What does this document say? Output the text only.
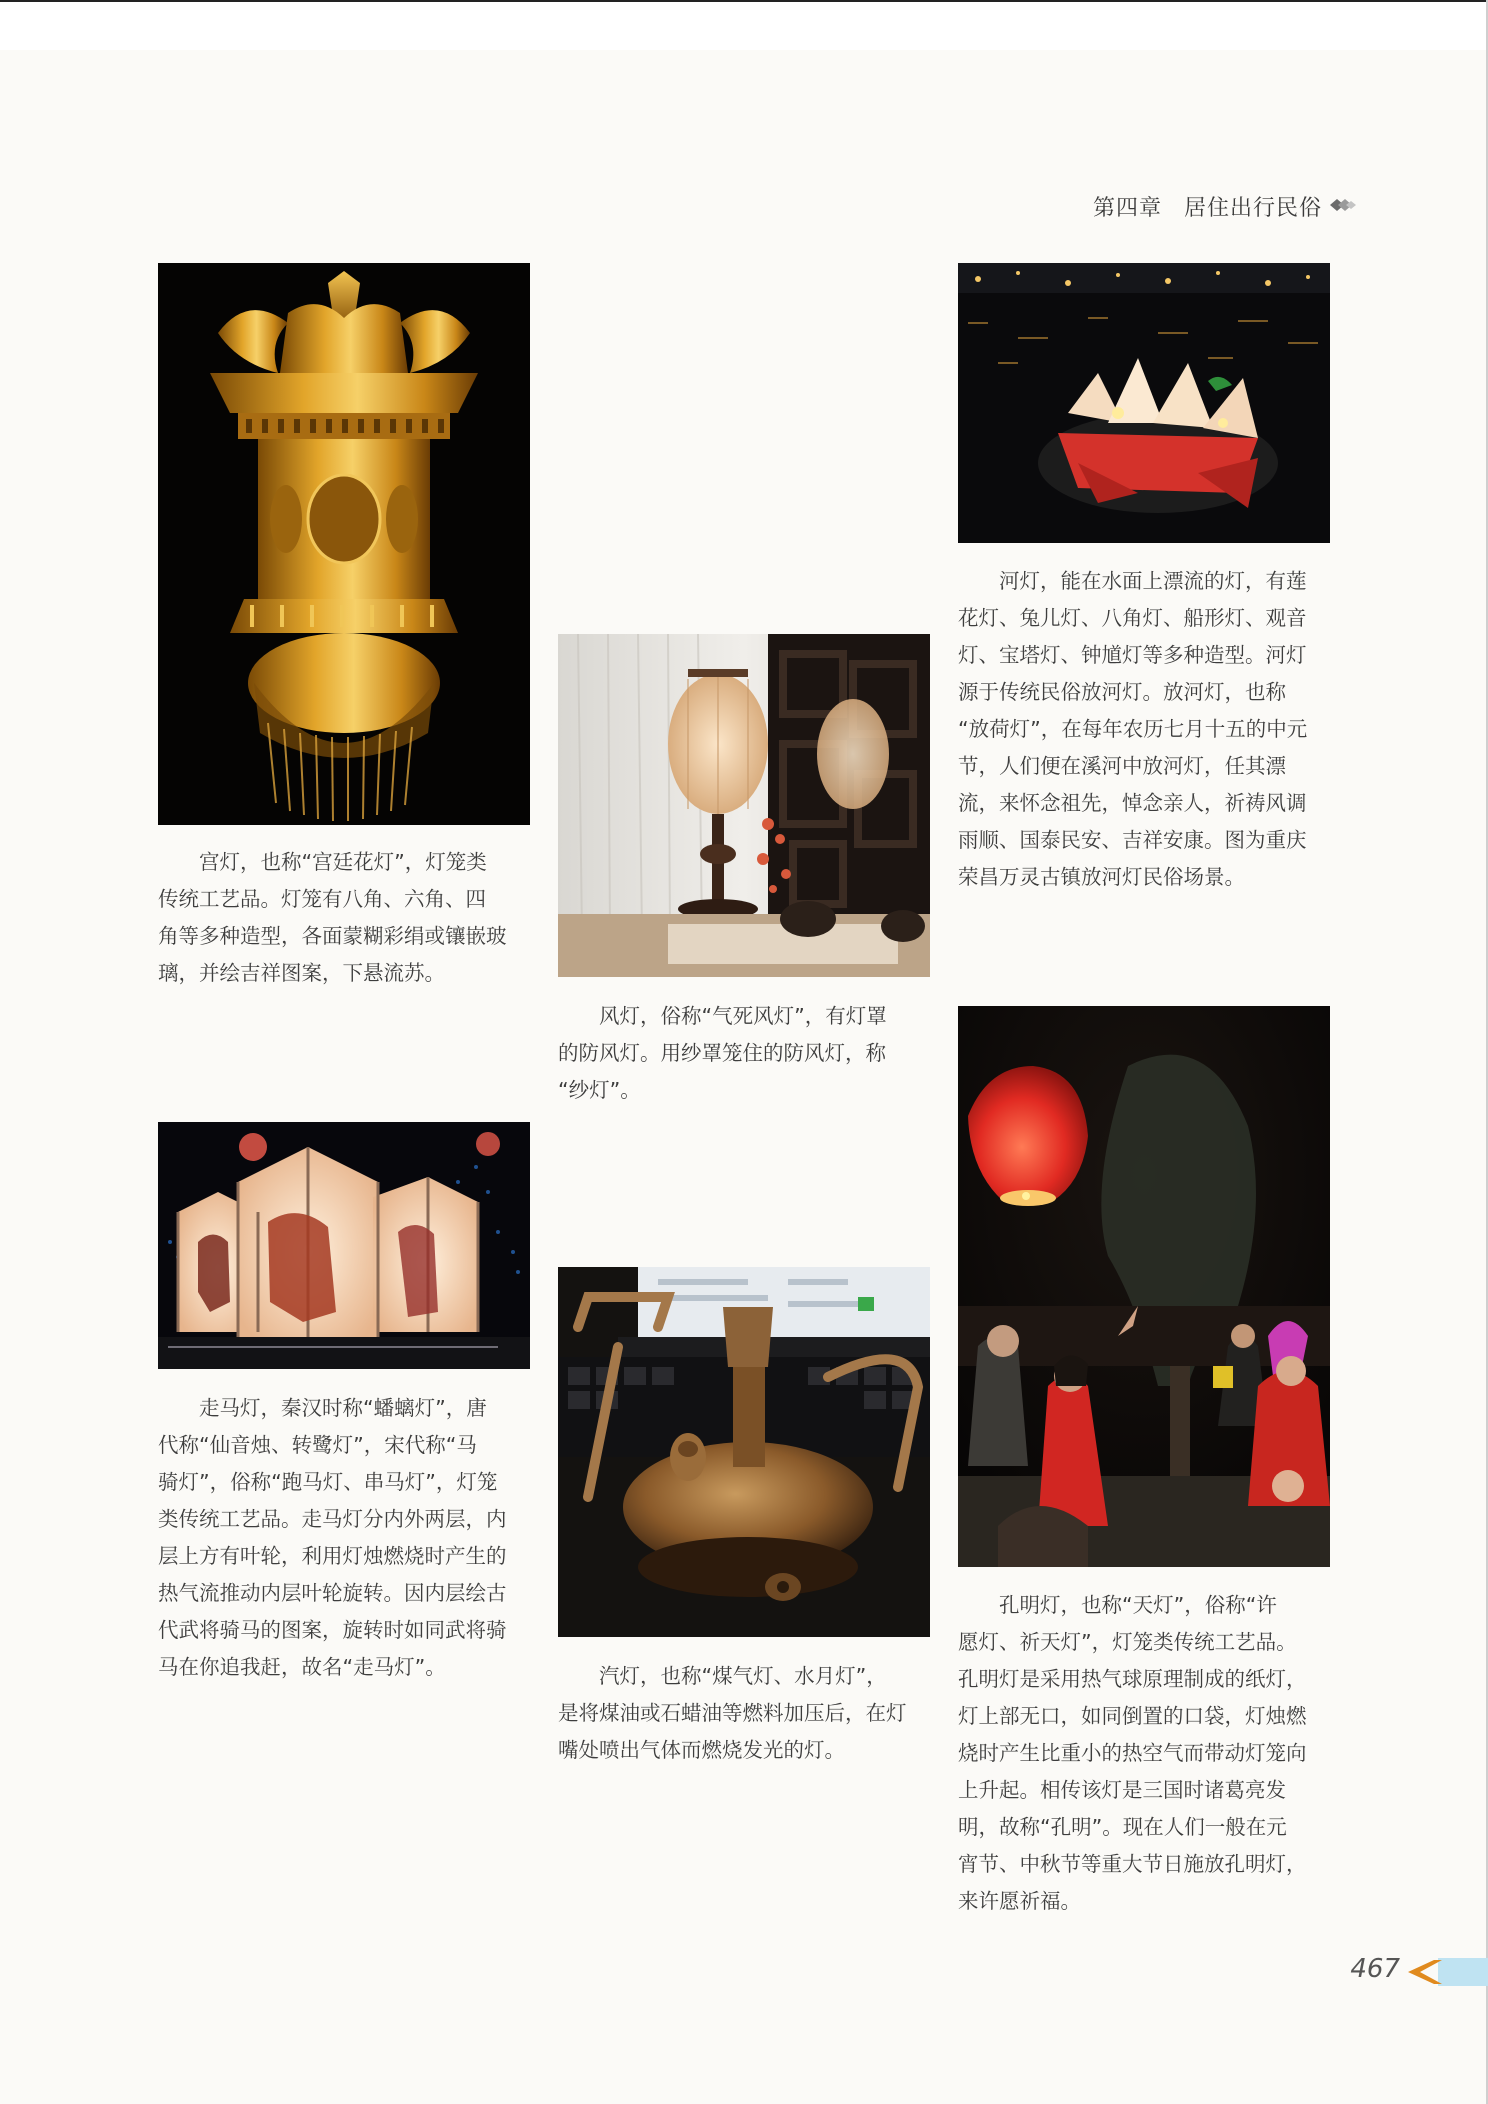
第四章 居住出行民俗

宫灯，也称“宫廷花灯”，灯笼类
传统工艺品。灯笼有八角、六角、四
角等多种造型，各面蒙糊彩绢或镶嵌玻
璃，并绘吉祥图案，下悬流苏。

河灯，能在水面上漂流的灯，有莲
花灯、兔儿灯、八角灯、船形灯、观音
灯、宝塔灯、钟馗灯等多种造型。河灯
源于传统民俗放河灯。放河灯，也称
“放荷灯”，在每年农历七月十五的中元
节，人们便在溪河中放河灯，任其漂
流，来怀念祖先，悼念亲人，祈祷风调
雨顺、国泰民安、吉祥安康。图为重庆
荣昌万灵古镇放河灯民俗场景。

风灯，俗称“气死风灯”，有灯罩
的防风灯。用纱罩笼住的防风灯，称
“纱灯”。

走马灯，秦汉时称“蟠螭灯”，唐
代称“仙音烛、转鹭灯”，宋代称“马
骑灯”，俗称“跑马灯、串马灯”，灯笼
类传统工艺品。走马灯分内外两层，内
层上方有叶轮，利用灯烛燃烧时产生的
热气流推动内层叶轮旋转。因内层绘古
代武将骑马的图案，旋转时如同武将骑
马在你追我赶，故名“走马灯”。	汽灯，也称“煤气灯、水月灯”，
是将煤油或石蜡油等燃料加压后，在灯
嘴处喷出气体而燃烧发光的灯。

孔明灯，也称“天灯”，俗称“许
愿灯、祈天灯”，灯笼类传统工艺品。
孔明灯是采用热气球原理制成的纸灯，
灯上部无口，如同倒置的口袋，灯烛燃
烧时产生比重小的热空气而带动灯笼向
上升起。相传该灯是三国时诸葛亮发
明，故称“孔明”。现在人们一般在元
宵节、中秋节等重大节日施放孔明灯，
来许愿祈福。

467
